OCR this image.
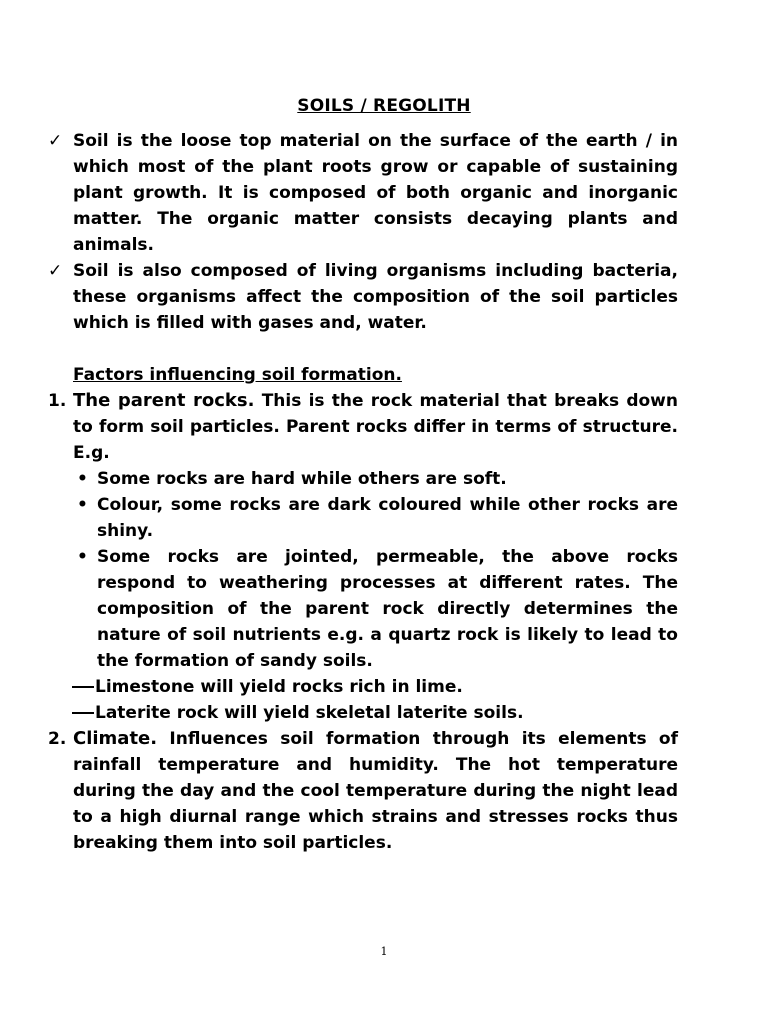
SOILS / REGOLITH
✓ Soil is the loose top material on the surface of the earth / in which most of the plant roots grow or capable of sustaining plant growth. It is composed of both organic and inorganic matter. The organic matter consists decaying plants and animals.
✓ Soil is also composed of living organisms including bacteria, these organisms affect the composition of the soil particles which is filled with gases and, water.
Factors influencing soil formation.
1. The parent rocks. This is the rock material that breaks down to form soil particles. Parent rocks differ in terms of structure. E.g.
• Some rocks are hard while others are soft.
• Colour, some rocks are dark coloured while other rocks are shiny.
• Some rocks are jointed, permeable, the above rocks respond to weathering processes at different rates. The composition of the parent rock directly determines the nature of soil nutrients e.g. a quartz rock is likely to lead to the formation of sandy soils.
Limestone will yield rocks rich in lime.
Laterite rock will yield skeletal laterite soils.
2. Climate. Influences soil formation through its elements of rainfall temperature and humidity. The hot temperature during the day and the cool temperature during the night lead to a high diurnal range which strains and stresses rocks thus breaking them into soil particles.
1
